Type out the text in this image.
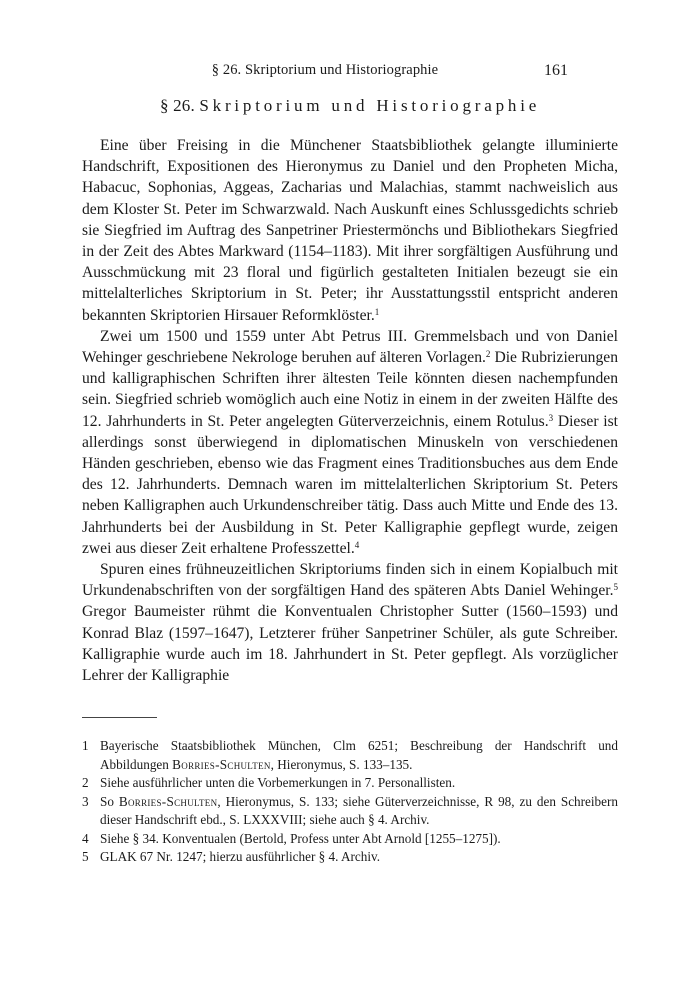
§ 26. Skriptorium und Historiographie	161
§ 26. Skriptorium und Historiographie

Eine über Freising in die Münchener Staatsbibliothek gelangte illuminierte Handschrift, Expositionen des Hieronymus zu Daniel und den Propheten Micha, Habacuc, Sophonias, Aggeas, Zacharias und Malachias, stammt nachweislich aus dem Kloster St. Peter im Schwarzwald. Nach Auskunft eines Schlussgedichts schrieb sie Siegfried im Auftrag des Sanpetriner Priestermönchs und Bibliothekars Siegfried in der Zeit des Abtes Markward (1154–1183). Mit ihrer sorgfältigen Ausführung und Ausschmückung mit 23 floral und figürlich gestalteten Initialen bezeugt sie ein mittelalterliches Skriptorium in St. Peter; ihr Ausstattungsstil entspricht anderen bekannten Skriptorien Hirsauer Reformklöster.$^1$

Zwei um 1500 und 1559 unter Abt Petrus III. Gremmelsbach und von Daniel Wehinger geschriebene Nekrologe beruhen auf älteren Vorlagen.$^2$ Die Rubrizierungen und kalligraphischen Schriften ihrer ältesten Teile könnten diesen nachempfunden sein. Siegfried schrieb womöglich auch eine Notiz in einem in der zweiten Hälfte des 12. Jahrhunderts in St. Peter angelegten Güterverzeichnis, einem Rotulus.$^3$ Dieser ist allerdings sonst überwiegend in diplomatischen Minuskeln von verschiedenen Händen geschrieben, ebenso wie das Fragment eines Traditionsbuches aus dem Ende des 12. Jahrhunderts. Demnach waren im mittelalterlichen Skriptorium St. Peters neben Kalligraphen auch Urkundenschreiber tätig. Dass auch Mitte und Ende des 13. Jahrhunderts bei der Ausbildung in St. Peter Kalligraphie gepflegt wurde, zeigen zwei aus dieser Zeit erhaltene Professzettel.$^4$

Spuren eines frühneuzeitlichen Skriptoriums finden sich in einem Kopialbuch mit Urkundenabschriften von der sorgfältigen Hand des späteren Abts Daniel Wehinger.$^5$ Gregor Baumeister rühmt die Konventualen Christopher Sutter (1560–1593) und Konrad Blaz (1597–1647), Letzterer früher Sanpetriner Schüler, als gute Schreiber. Kalligraphie wurde auch im 18. Jahrhundert in St. Peter gepflegt. Als vorzüglicher Lehrer der Kalligraphie

1 Bayerische Staatsbibliothek München, Clm 6251; Beschreibung der Handschrift und Abbildungen Borries-Schulten, Hieronymus, S. 133–135.
2 Siehe ausführlicher unten die Vorbemerkungen in 7. Personallisten.
3 So Borries-Schulten, Hieronymus, S. 133; siehe Güterverzeichnisse, R 98, zu den Schreibern dieser Handschrift ebd., S. LXXXVIII; siehe auch § 4. Archiv.
4 Siehe § 34. Konventualen (Bertold, Profess unter Abt Arnold [1255–1275]).
5 GLAK 67 Nr. 1247; hierzu ausführlicher § 4. Archiv.
